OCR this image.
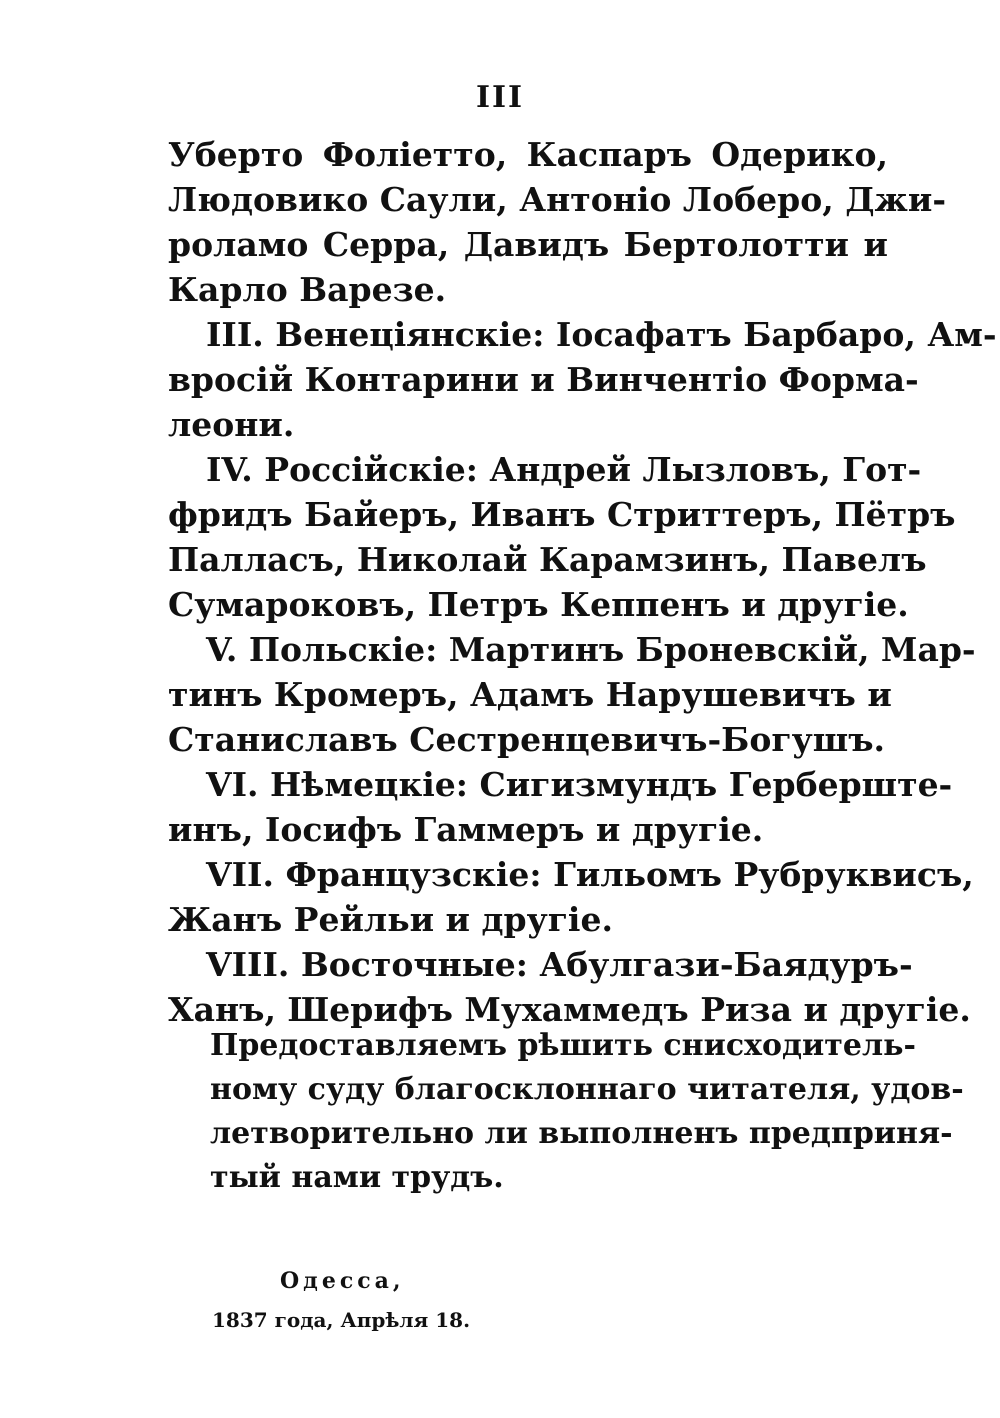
III
Уберто Фолiетто, Каспаръ Одерико,
Людовико Саули, Антонiо Лоберо, Джи-
роламо Серра, Давидъ Бертолотти и
Карло Варезе.
III. Венецiянскiе: Iосафатъ Барбаро, Ам-
вросiй Контарини и Винчентiо Форма-
леони.
IV. Россiйскiе: Андрей Лызловъ, Гот-
фридъ Байеръ, Иванъ Стриттеръ, Пётръ
Палласъ, Николай Карамзинъ, Павелъ
Сумароковъ, Петръ Кеппенъ и другiе.
V. Польскiе: Мартинъ Броневскiй, Мар-
тинъ Кромеръ, Адамъ Нарушевичъ и
Станиславъ Сестренцевичъ-Богушъ.
VI. Нѣмецкiе: Сигизмундъ Герберште-
инъ, Iосифъ Гаммеръ и другiе.
VII. Французскiе: Гильомъ Рубруквисъ,
Жанъ Рейльи и другiе.
VIII. Восточные: Абулгази-Баядуръ-
Ханъ, Шерифъ Мухаммедъ Риза и другiе.
Предоставляемъ рѣшить снисходитель-
ному суду благосклоннаго читателя, удов-
летворительно ли выполненъ предприня-
тый нами трудъ.
Одесса,
1837 года, Апрѣля 18.
